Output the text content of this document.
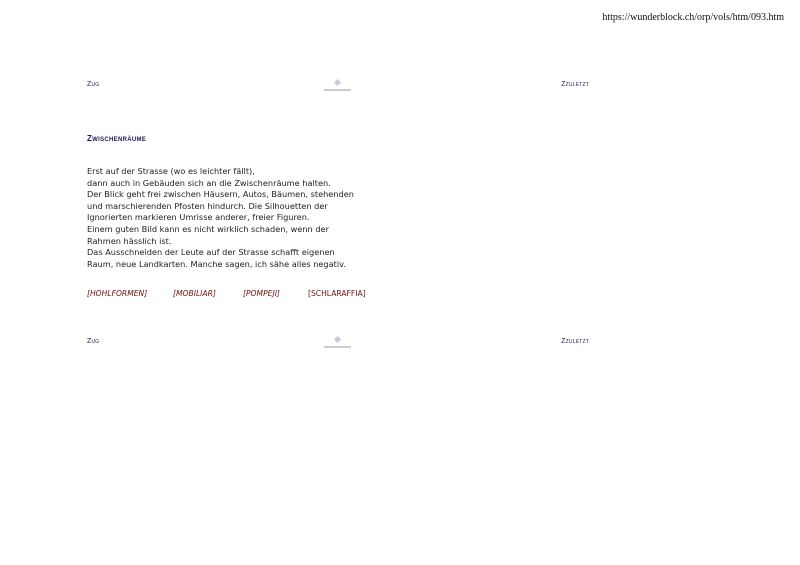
https://wunderblock.ch/orp/vols/htm/093.htm
Zug	Zzuletzt
Zwischenräume
Erst auf der Strasse (wo es leichter fällt),
dann auch in Gebäuden sich an die Zwischenräume halten.
Der Blick geht frei zwischen Häusern, Autos, Bäumen, stehenden
und marschierenden Pfosten hindurch. Die Silhouetten der
Ignorierten markieren Umrisse anderer, freier Figuren.
Einem guten Bild kann es nicht wirklich schaden, wenn der
Rahmen hässlich ist.
Das Ausschneiden der Leute auf der Strasse schafft eigenen
Raum, neue Landkarten. Manche sagen, ich sähe alles negativ.
[HOHLFORMEN]	[MOBILIAR]	[POMPEJI]	[SCHLARAFFIA]
Zug	Zzuletzt
